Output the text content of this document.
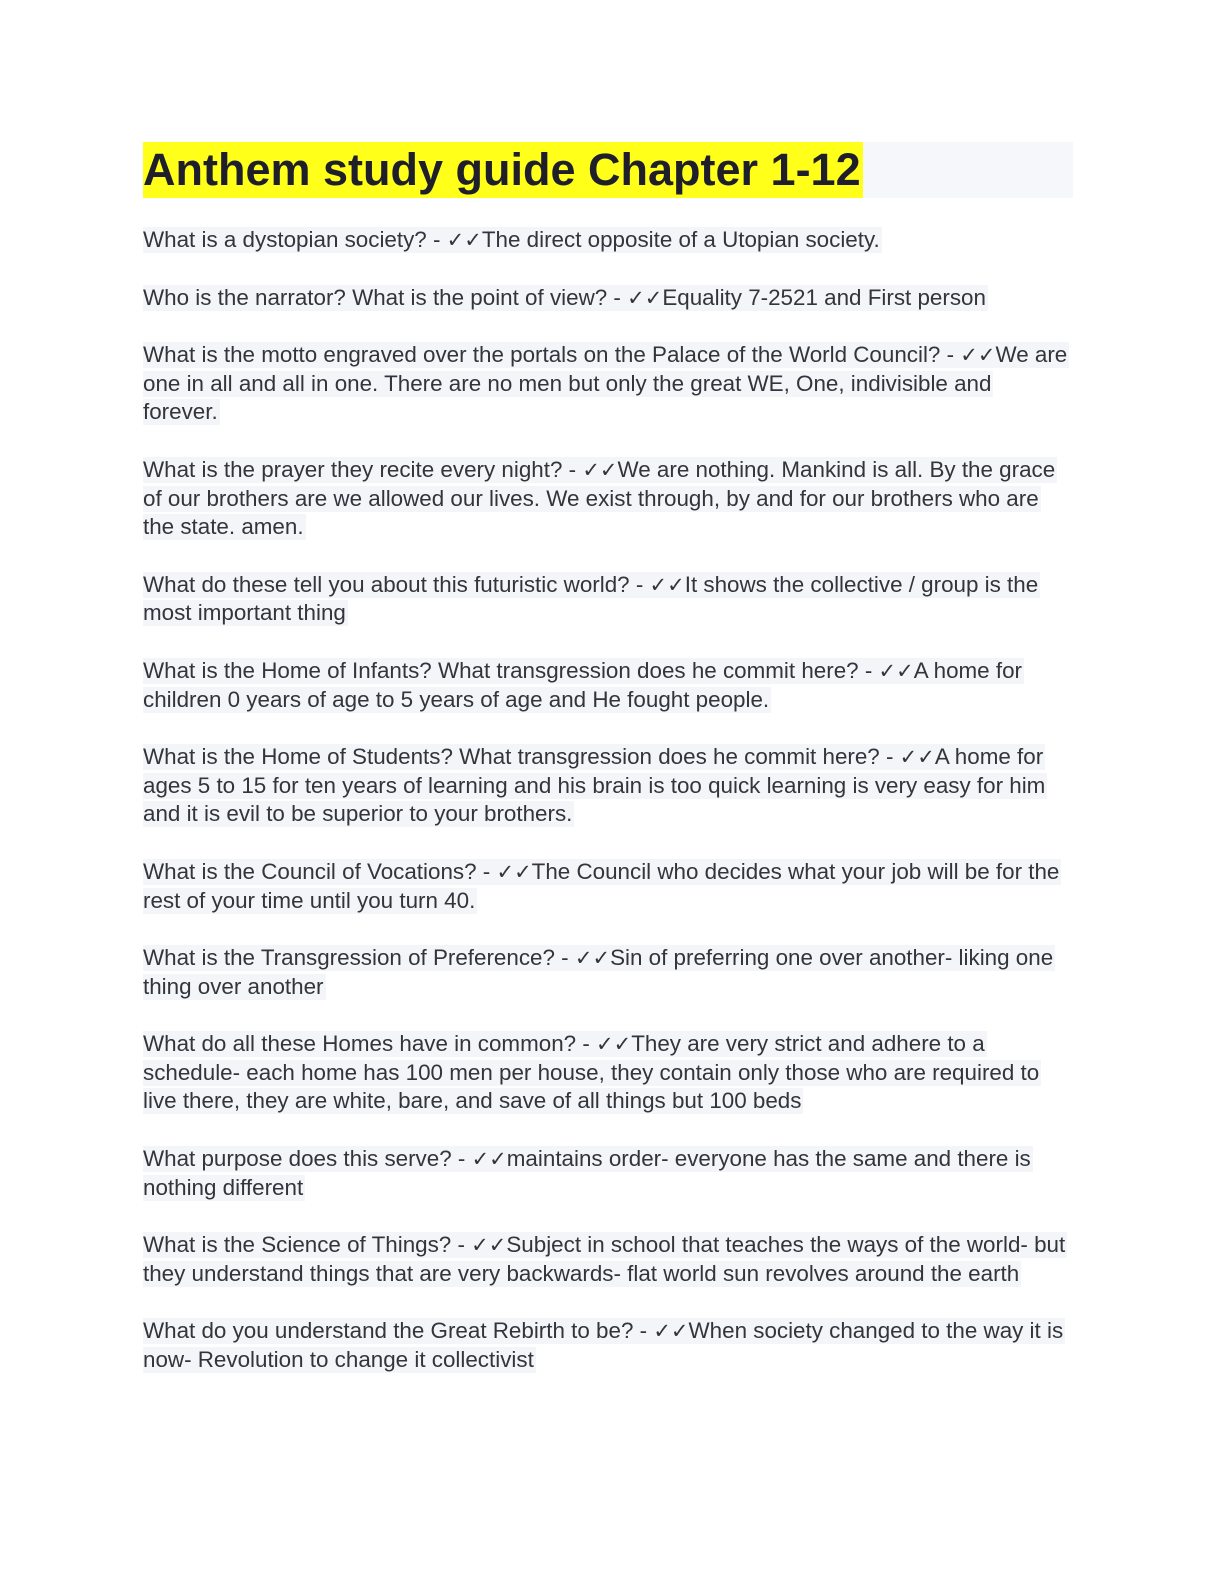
Anthem study guide Chapter 1-12

What is a dystopian society? - ✓✓The direct opposite of a Utopian society.

Who is the narrator? What is the point of view? - ✓✓Equality 7-2521 and First person

What is the motto engraved over the portals on the Palace of the World Council? - ✓✓We are one in all and all in one. There are no men but only the great WE, One, indivisible and forever.

What is the prayer they recite every night? - ✓✓We are nothing. Mankind is all. By the grace of our brothers are we allowed our lives. We exist through, by and for our brothers who are the state. amen.

What do these tell you about this futuristic world? - ✓✓It shows the collective / group is the most important thing

What is the Home of Infants? What transgression does he commit here? - ✓✓A home for children 0 years of age to 5 years of age and He fought people.

What is the Home of Students? What transgression does he commit here? - ✓✓A home for ages 5 to 15 for ten years of learning and his brain is too quick learning is very easy for him and it is evil to be superior to your brothers.

What is the Council of Vocations? - ✓✓The Council who decides what your job will be for the rest of your time until you turn 40.

What is the Transgression of Preference? - ✓✓Sin of preferring one over another- liking one thing over another

What do all these Homes have in common? - ✓✓They are very strict and adhere to a schedule- each home has 100 men per house, they contain only those who are required to live there, they are white, bare, and save of all things but 100 beds

What purpose does this serve? - ✓✓maintains order- everyone has the same and there is nothing different

What is the Science of Things? - ✓✓Subject in school that teaches the ways of the world- but they understand things that are very backwards- flat world sun revolves around the earth

What do you understand the Great Rebirth to be? - ✓✓When society changed to the way it is now- Revolution to change it collectivist
